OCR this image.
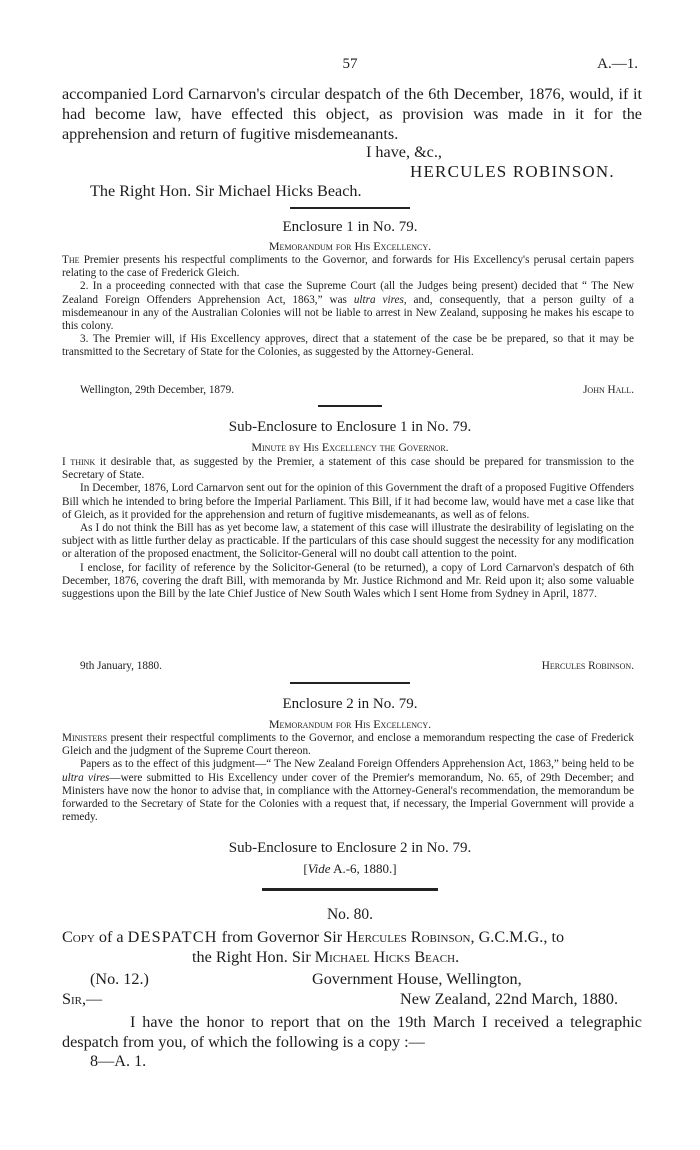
57	A.—1.

accompanied Lord Carnarvon's circular despatch of the 6th December, 1876, would, if it had become law, have effected this object, as provision was made in it for the apprehension and return of fugitive misdemeanants.

I have, &c.,
HERCULES ROBINSON.
The Right Hon. Sir Michael Hicks Beach.
Enclosure 1 in No. 79.
Memorandum for His Excellency.

The Premier presents his respectful compliments to the Governor, and forwards for His Excellency's perusal certain papers relating to the case of Frederick Gleich.

2. In a proceeding connected with that case the Supreme Court (all the Judges being present) decided that “ The New Zealand Foreign Offenders Apprehension Act, 1863,” was ultra vires, and, consequently, that a person guilty of a misdemeanour in any of the Australian Colonies will not be liable to arrest in New Zealand, supposing he makes his escape to this colony.

3. The Premier will, if His Excellency approves, direct that a statement of the case be be prepared, so that it may be transmitted to the Secretary of State for the Colonies, as suggested by the Attorney-General.

Wellington, 29th December, 1879.	John Hall.
Sub-Enclosure to Enclosure 1 in No. 79.
Minute by His Excellency the Governor.

I think it desirable that, as suggested by the Premier, a statement of this case should be prepared for transmission to the Secretary of State.

In December, 1876, Lord Carnarvon sent out for the opinion of this Government the draft of a proposed Fugitive Offenders Bill which he intended to bring before the Imperial Parliament. This Bill, if it had become law, would have met a case like that of Gleich, as it provided for the apprehension and return of fugitive misdemeanants, as well as of felons.

As I do not think the Bill has as yet become law, a statement of this case will illustrate the desirability of legislating on the subject with as little further delay as practicable. If the particulars of this case should suggest the necessity for any modification or alteration of the proposed enactment, the Solicitor-General will no doubt call attention to the point.

I enclose, for facility of reference by the Solicitor-General (to be returned), a copy of Lord Carnarvon's despatch of 6th December, 1876, covering the draft Bill, with memoranda by Mr. Justice Richmond and Mr. Reid upon it; also some valuable suggestions upon the Bill by the late Chief Justice of New South Wales which I sent Home from Sydney in April, 1877.

9th January, 1880.	Hercules Robinson.
Enclosure 2 in No. 79.
Memorandum for His Excellency.

Ministers present their respectful compliments to the Governor, and enclose a memorandum respecting the case of Frederick Gleich and the judgment of the Supreme Court thereon.

Papers as to the effect of this judgment—“ The New Zealand Foreign Offenders Apprehension Act, 1863,” being held to be ultra vires—were submitted to His Excellency under cover of the Premier's memorandum, No. 65, of 29th December; and Ministers have now the honor to advise that, in compliance with the Attorney-General's recommendation, the memorandum be forwarded to the Secretary of State for the Colonies with a request that, if necessary, the Imperial Government will provide a remedy.

Sub-Enclosure to Enclosure 2 in No. 79.
[Vide A.-6, 1880.]
No. 80.
Copy of a DESPATCH from Governor Sir Hercules Robinson, G.C.M.G., to
the Right Hon. Sir Michael Hicks Beach.
(No. 12.)	Government House, Wellington,
Sir,—	New Zealand, 22nd March, 1880.

I have the honor to report that on the 19th March I received a telegraphic despatch from you, of which the following is a copy :—

8—A. 1.
